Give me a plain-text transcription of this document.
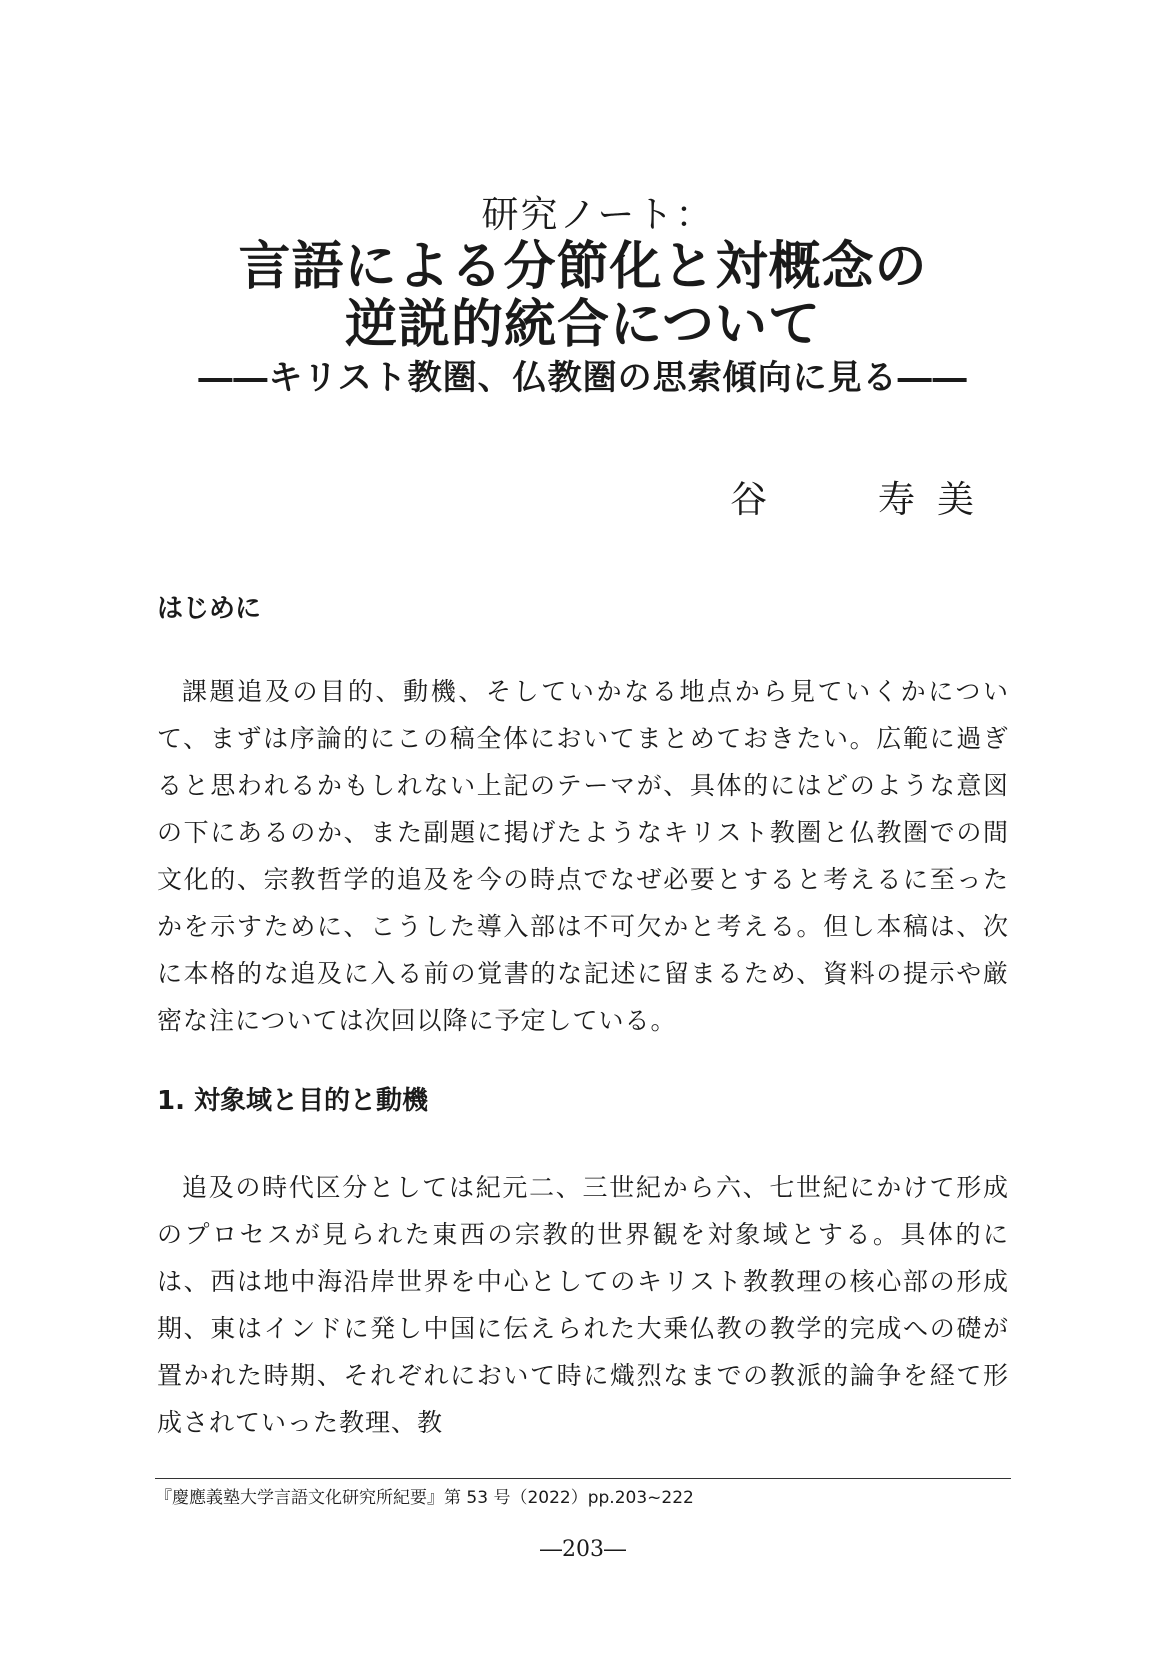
研究ノート：
言語による分節化と対概念の
逆説的統合について
――キリスト教圏、仏教圏の思索傾向に見る――
谷	寿美
はじめに

課題追及の目的、動機、そしていかなる地点から見ていくかについて、まずは序論的にこの稿全体においてまとめておきたい。広範に過ぎると思われるかもしれない上記のテーマが、具体的にはどのような意図の下にあるのか、また副題に掲げたようなキリスト教圏と仏教圏での間文化的、宗教哲学的追及を今の時点でなぜ必要とすると考えるに至ったかを示すために、こうした導入部は不可欠かと考える。但し本稿は、次に本格的な追及に入る前の覚書的な記述に留まるため、資料の提示や厳密な注については次回以降に予定している。

1. 対象域と目的と動機

追及の時代区分としては紀元二、三世紀から六、七世紀にかけて形成のプロセスが見られた東西の宗教的世界観を対象域とする。具体的には、西は地中海沿岸世界を中心としてのキリスト教教理の核心部の形成期、東はインドに発し中国に伝えられた大乗仏教の教学的完成への礎が置かれた時期、それぞれにおいて時に熾烈なまでの教派的論争を経て形成されていった教理、教

『慶應義塾大学言語文化研究所紀要』第 53 号（2022）pp.203~222
―203―
